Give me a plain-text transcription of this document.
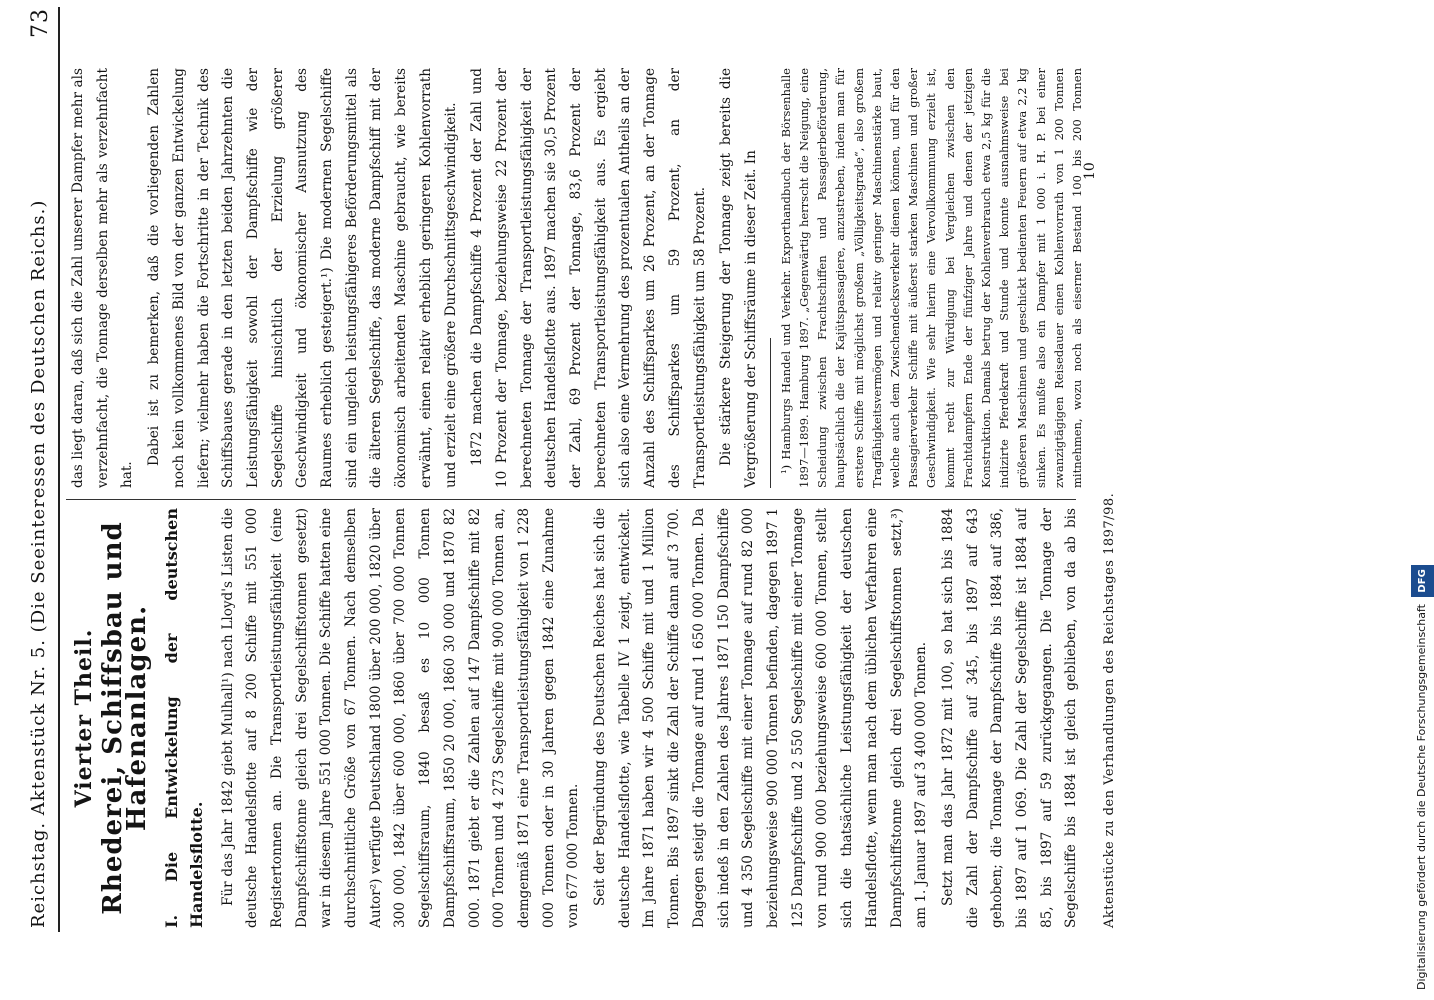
Reichstag. Aktenstück Nr. 5. (Die Seeinteressen des Deutschen Reichs.)
73
Vierter Theil. Rhederei, Schiffsbau und Hafenanlagen. I. Die Entwickelung der deutschen Handelsflotte. Für das Jahr 1842 giebt Mulhall¹) nach Lloyd's Listen die deutsche Handelsflotte auf 8 200 Schiffe mit 551 000 Registertonnen an. Die Transportleistungsfähigkeit (eine Dampfschiffstonne gleich drei Segelschiffstonnen gesetzt) war in diesem Jahre 551 000 Tonnen. Die Schiffe hatten eine durchschnittliche Größe von 67 Tonnen. Nach demselben Autor²) verfügte Deutschland 1800 über 200 000, 1820 über 300 000, 1842 über 600 000, 1860 über 700 000 Tonnen Segelschiffsraum, 1840 besaß es 10 000 Tonnen Dampfschiffsraum, 1850 20 000, 1860 30 000 und 1870 82 000. 1871 giebt er die Zahlen auf 147 Dampfschiffe mit 82 000 Tonnen und 4 273 Segelschiffe mit 900 000 Tonnen an, demgemäß 1871 eine Transportleistungsfähigkeit von 1 228 000 Tonnen oder in 30 Jahren gegen 1842 eine Zunahme von 677 000 Tonnen. Seit der Begründung des Deutschen Reiches hat sich die deutsche Handelsflotte, wie Tabelle IV 1 zeigt, entwickelt. Im Jahre 1871 haben wir 4 500 Schiffe mit und 1 Million Tonnen. Bis 1897 sinkt die Zahl der Schiffe dann auf 3 700. Dagegen steigt die Tonnage auf rund 1 650 000 Tonnen. Da sich indeß in den Zahlen des Jahres 1871 150 Dampfschiffe und 4 350 Segelschiffe mit einer Tonnage auf rund 82 000 beziehungsweise 900 000 Tonnen befinden, dagegen 1897 1 125 Dampfschiffe und 2 550 Segelschiffe mit einer Tonnage von rund 900 000 beziehungsweise 600 000 Tonnen, stellt sich die thatsächliche Leistungsfähigkeit der deutschen Handelsflotte, wenn man nach dem üblichen Verfahren eine Dampfschiffstonne gleich drei Segelschiffstonnen setzt,³) am 1. Januar 1897 auf 3 400 000 Tonnen. Setzt man das Jahr 1872 mit 100, so hat sich bis 1884 die Zahl der Dampfschiffe auf 345, bis 1897 auf 643 gehoben; die Tonnage der Dampfschiffe bis 1884 auf 386, bis 1897 auf 1 069. Die Zahl der Segelschiffe ist 1884 auf 85, bis 1897 auf 59 zurückgegangen. Die Tonnage der Segelschiffe bis 1884 ist gleich geblieben, von da ab bis

das liegt daran, daß sich die Zahl unserer Dampfer mehr als verzehnfacht, die Tonnage derselben mehr als verzehnfacht hat.

Dabei ist zu bemerken, daß die vorliegenden Zahlen noch kein vollkommenes Bild von der ganzen Entwickelung liefern; vielmehr haben die Fortschritte in der Technik des Schiffsbaues gerade in den letzten beiden Jahrzehnten die Leistungsfähigkeit sowohl der Dampfschiffe wie der Segelschiffe hinsichtlich der Erzielung größerer Geschwindigkeit und ökonomischer Ausnutzung des Raumes erheblich gesteigert.¹) Die modernen Segelschiffe sind ein ungleich leistungsfähigeres Beförderungsmittel als die älteren Segelschiffe, das moderne Dampfschiff mit der ökonomisch arbeitenden Maschine gebraucht, wie bereits erwähnt, einen relativ erheblich geringeren Kohlenvorrath und erzielt eine größere Durchschnittsgeschwindigkeit. 1872 machen die Dampfschiffe 4 Prozent der Zahl und 10 Prozent der Tonnage, beziehungsweise 22 Prozent der berechneten Tonnage der Transportleistungsfähigkeit der deutschen Handelsflotte aus. 1897 machen sie 30,5 Prozent der Zahl, 69 Prozent der Tonnage, 83,6 Prozent der berechneten Transportleistungsfähigkeit aus. Es ergiebt sich also eine Vermehrung des prozentualen Antheils an der Anzahl des Schiffsparkes um 26 Prozent, an der Tonnage des Schiffsparkes um 59 Prozent, an der Transportleistungsfähigkeit um 58 Prozent. Die stärkere Steigerung der Tonnage zeigt bereits die Vergrößerung der Schiffsräume in dieser Zeit. In	¹) Hamburgs Handel und Verkehr. Exporthandbuch der Börsenhalle 1897—1899. Hamburg 1897. „Gegenwärtig herrscht die Neigung, eine Scheidung zwischen Frachtschiffen und Passagierbeförderung, hauptsächlich die der Kajütspassagiere, anzustreben, indem man für erstere Schiffe mit möglichst großem „Völligkeitsgrade“, also großem Tragfähigkeitsvermögen und relativ geringer Maschinenstärke baut, welche auch dem Zwischendecksverkehr dienen können, und für den Passagierverkehr Schiffe mit äußerst starken Maschinen und großer Geschwindigkeit. Wie sehr hierin eine Vervollkommnung erzielt ist, kommt recht zur Würdigung bei Vergleichen zwischen den Frachtdampfern Ende der fünfziger Jahre und denen der jetzigen Konstruktion. Damals betrug der Kohlenverbrauch etwa 2,5 kg für die indizirte Pferdekraft und Stunde und konnte ausnahmsweise bei größeren Maschinen und geschickt bedienten Feuern auf etwa 2,2 kg sinken. Es mußte also ein Dampfer mit 1 000 i. H. P. bei einer zwanzigtägigen Reisedauer einen Kohlenvorrath von 1 200 Tonnen mitnehmen, wozu noch als eiserner Bestand 100 bis 200 Tonnen

Aktenstücke zu den Verhandlungen des Reichstages 1897/98.
10
Digitalisierung gefördert durch die Deutsche Forschungsgemeinschaft DFG
